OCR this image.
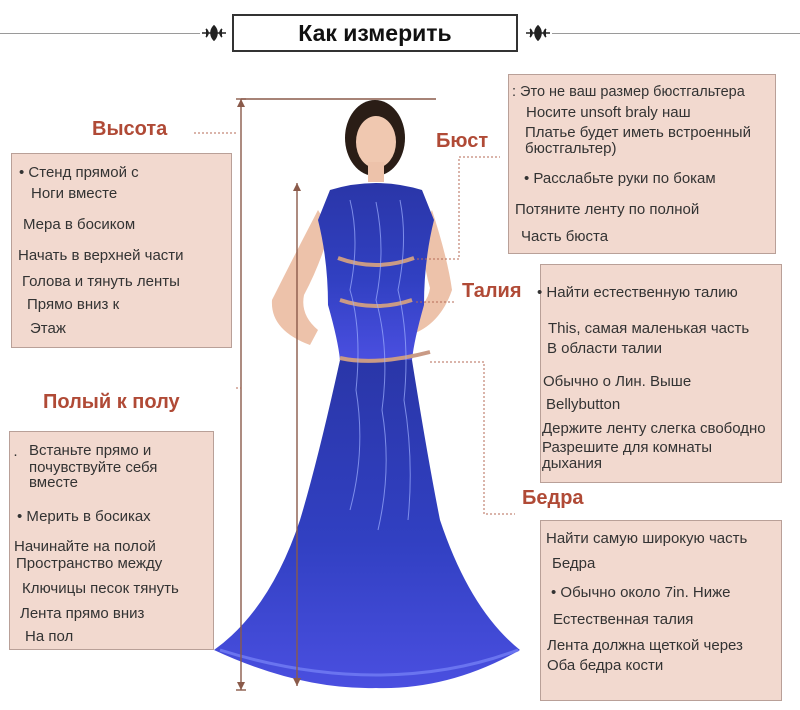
Как измерить
Высота
Бюст
Талия
Полый к полу
Бедра
• Стенд прямой с
Ноги вместе
Мера в босиком
Начать в верхней части
Голова и тянуть ленты
Прямо вниз к
Этаж
: Это не ваш размер бюстгальтера
Носите unsoft braly наш
Платье будет иметь встроенный
бюстгальтер)
• Расслабьте руки по бокам
Потяните ленту по полной
Часть бюста
• Найти естественную талию
This, самая маленькая часть
В области талии
Обычно о Лин. Выше
Bellybutton
Держите ленту слегка свободно
Разрешите для комнаты
дыхания
· Встаньте прямо и
почувствуйте себя
вместе
• Мерить в босиках
Начинайте на полой
Пространство между
Ключицы песок тянуть
Лента прямо вниз
На пол
Найти самую широкую часть
Бедра
• Обычно около 7in. Ниже
Естественная талия
Лента должна щеткой через
Оба бедра кости
